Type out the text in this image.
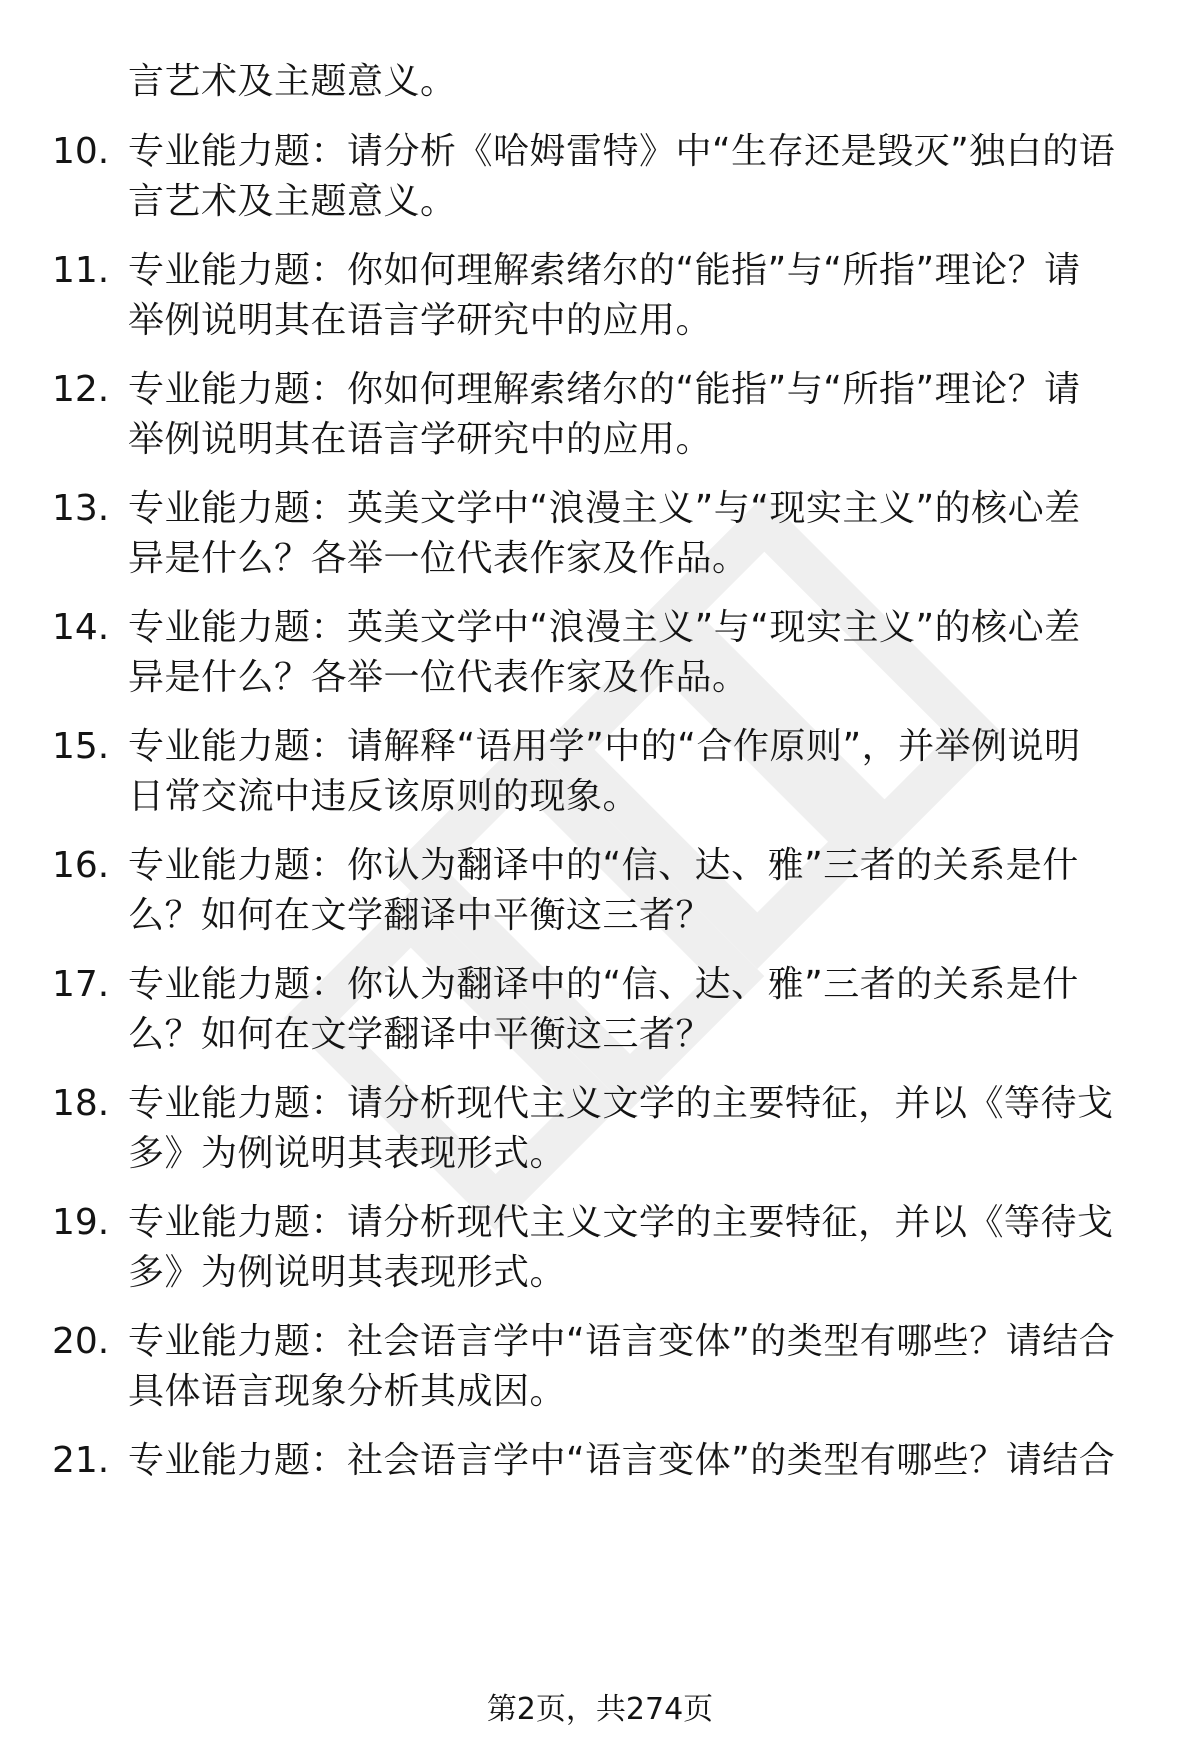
言艺术及主题意义。
10. 专业能力题：请分析《哈姆雷特》中“生存还是毁灭”独白的语
言艺术及主题意义。
11. 专业能力题：你如何理解索绪尔的“能指”与“所指”理论？请
举例说明其在语言学研究中的应用。
12. 专业能力题：你如何理解索绪尔的“能指”与“所指”理论？请
举例说明其在语言学研究中的应用。
13. 专业能力题：英美文学中“浪漫主义”与“现实主义”的核心差
异是什么？各举一位代表作家及作品。
14. 专业能力题：英美文学中“浪漫主义”与“现实主义”的核心差
异是什么？各举一位代表作家及作品。
15. 专业能力题：请解释“语用学”中的“合作原则”，并举例说明
日常交流中违反该原则的现象。
16. 专业能力题：你认为翻译中的“信、达、雅”三者的关系是什
么？如何在文学翻译中平衡这三者？
17. 专业能力题：你认为翻译中的“信、达、雅”三者的关系是什
么？如何在文学翻译中平衡这三者？
18. 专业能力题：请分析现代主义文学的主要特征，并以《等待戈
多》为例说明其表现形式。
19. 专业能力题：请分析现代主义文学的主要特征，并以《等待戈
多》为例说明其表现形式。
20. 专业能力题：社会语言学中“语言变体”的类型有哪些？请结合
具体语言现象分析其成因。
21. 专业能力题：社会语言学中“语言变体”的类型有哪些？请结合
第2页，共274页
